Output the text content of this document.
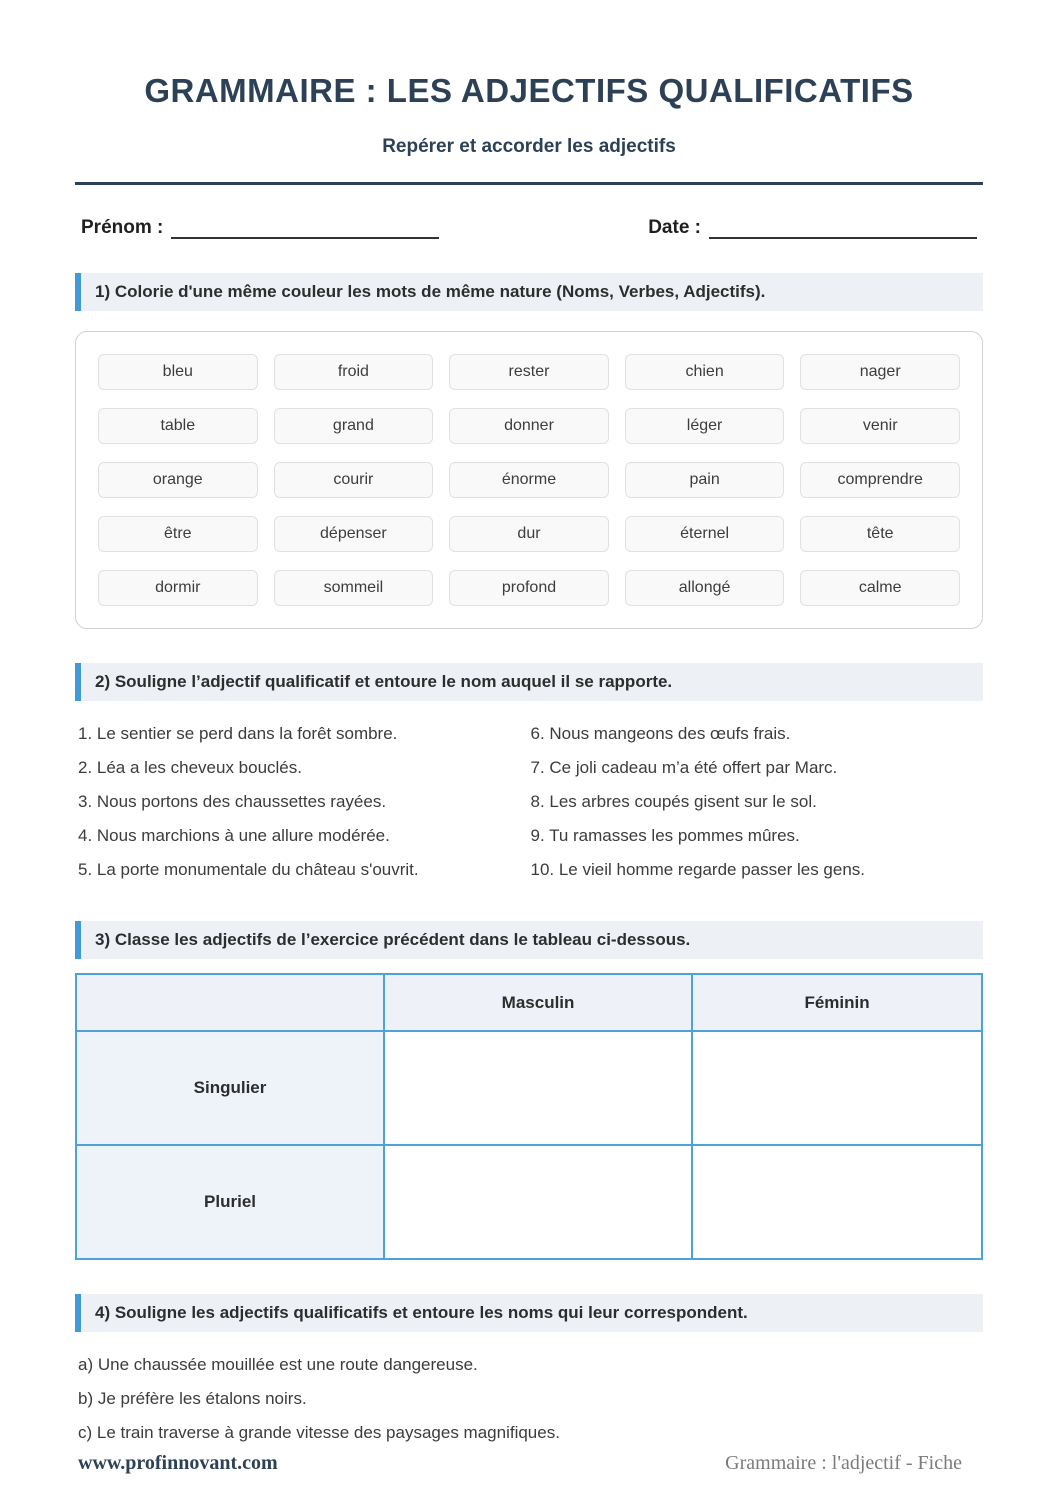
GRAMMAIRE : LES ADJECTIFS QUALIFICATIFS
Repérer et accorder les adjectifs
Prénom :	Date :
1) Colorie d'une même couleur les mots de même nature (Noms, Verbes, Adjectifs).
bleu	froid	rester	chien	nager
table	grand	donner	léger	venir
orange	courir	énorme	pain	comprendre
être	dépenser	dur	éternel	tête
dormir	sommeil	profond	allongé	calme
2) Souligne l’adjectif qualificatif et entoure le nom auquel il se rapporte.
1. Le sentier se perd dans la forêt sombre.
2. Léa a les cheveux bouclés.
3. Nous portons des chaussettes rayées.
4. Nous marchions à une allure modérée.
5. La porte monumentale du château s'ouvrit.
6. Nous mangeons des œufs frais.
7. Ce joli cadeau m’a été offert par Marc.
8. Les arbres coupés gisent sur le sol.
9. Tu ramasses les pommes mûres.
10. Le vieil homme regarde passer les gens.
3) Classe les adjectifs de l’exercice précédent dans le tableau ci-dessous.
	Masculin	Féminin
Singulier		
Pluriel		
4) Souligne les adjectifs qualificatifs et entoure les noms qui leur correspondent.
a) Une chaussée mouillée est une route dangereuse.
b) Je préfère les étalons noirs.
c) Le train traverse à grande vitesse des paysages magnifiques.
www.profinnovant.com	Grammaire : l'adjectif - Fiche
